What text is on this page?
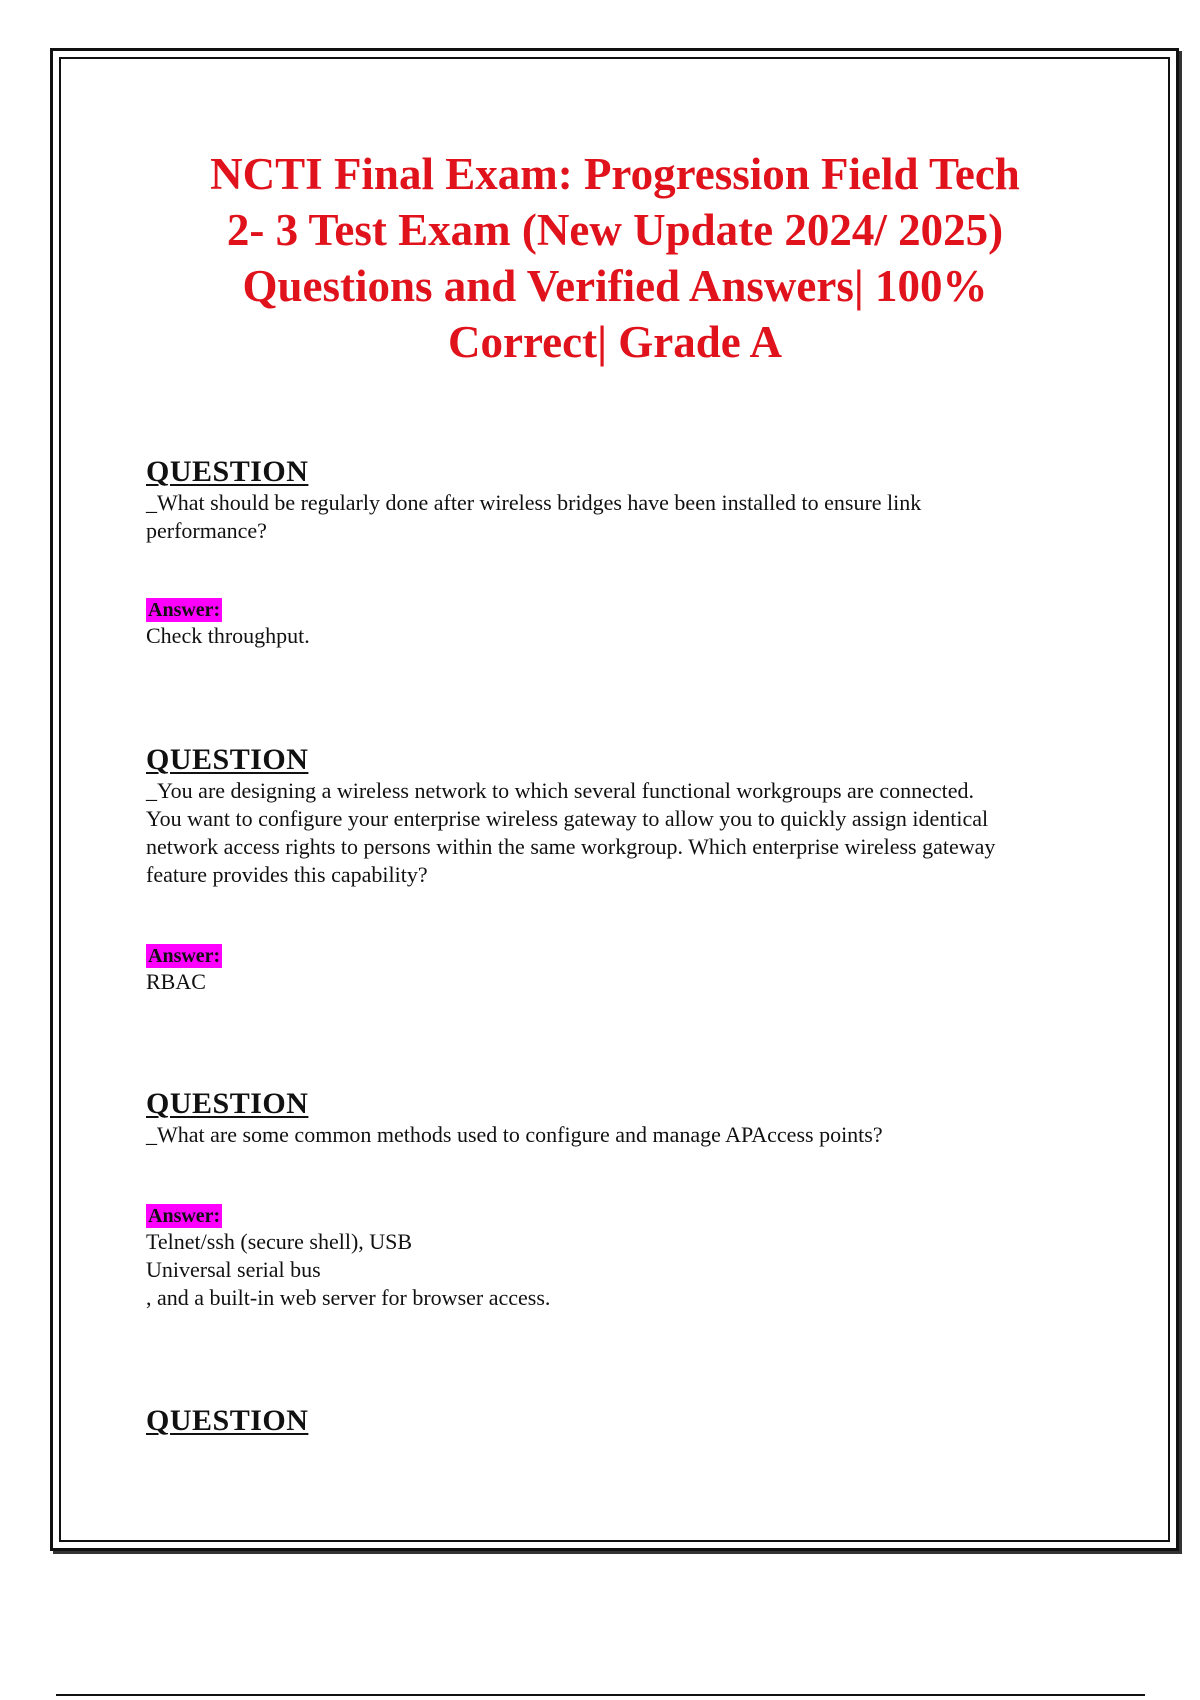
NCTI Final Exam: Progression Field Tech
2- 3 Test Exam (New Update 2024/ 2025)
Questions and Verified Answers| 100%
Correct| Grade A
QUESTION

_What should be regularly done after wireless bridges have been installed to ensure link
performance?

Answer:

Check throughput.

QUESTION

_You are designing a wireless network to which several functional workgroups are connected.
You want to configure your enterprise wireless gateway to allow you to quickly assign identical
network access rights to persons within the same workgroup. Which enterprise wireless gateway
feature provides this capability?

Answer:

RBAC

QUESTION

_What are some common methods used to configure and manage APAccess points?

Answer:

Telnet/ssh (secure shell), USB
Universal serial bus
, and a built-in web server for browser access.

QUESTION
